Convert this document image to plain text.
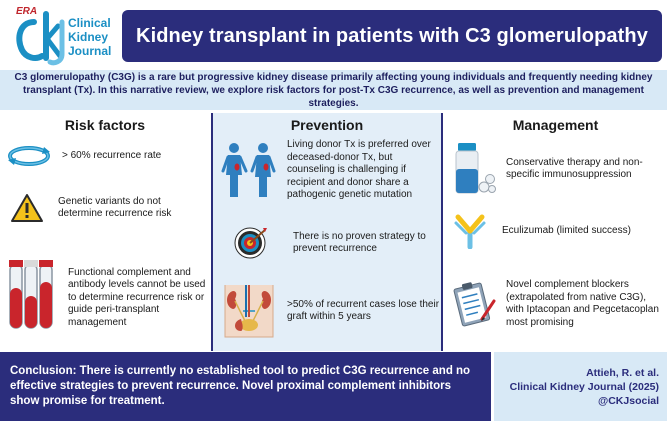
ERA
Clinical
Kidney
Journal
Kidney transplant in patients with C3 glomerulopathy

C3 glomerulopathy (C3G) is a rare but progressive kidney disease primarily affecting young individuals and frequently needing kidney transplant (Tx). In this narrative review, we explore risk factors for post-Tx C3G recurrence, as well as prevention and management strategies.

Risk factors
> 60% recurrence rate
Genetic variants do not determine recurrence risk
Functional complement and antibody levels cannot be used to determine recurrence risk or guide peri-transplant management
Prevention
Living donor Tx is preferred over deceased-donor Tx, but counseling is challenging if recipient and donor share a pathogenic genetic mutation
There is no proven strategy to prevent recurrence
>50% of recurrent cases lose their graft within 5 years
Management
Conservative therapy and non-specific immunosuppression
Eculizumab (limited success)
Novel complement blockers (extrapolated from native C3G), with Iptacopan and Pegcetacoplan most promising

Conclusion: There is currently no established tool to predict C3G recurrence and no effective strategies to prevent recurrence. Novel proximal complement inhibitors show promise for treatment.

Attieh, R. et al.
Clinical Kidney Journal (2025)
@CKJsocial
